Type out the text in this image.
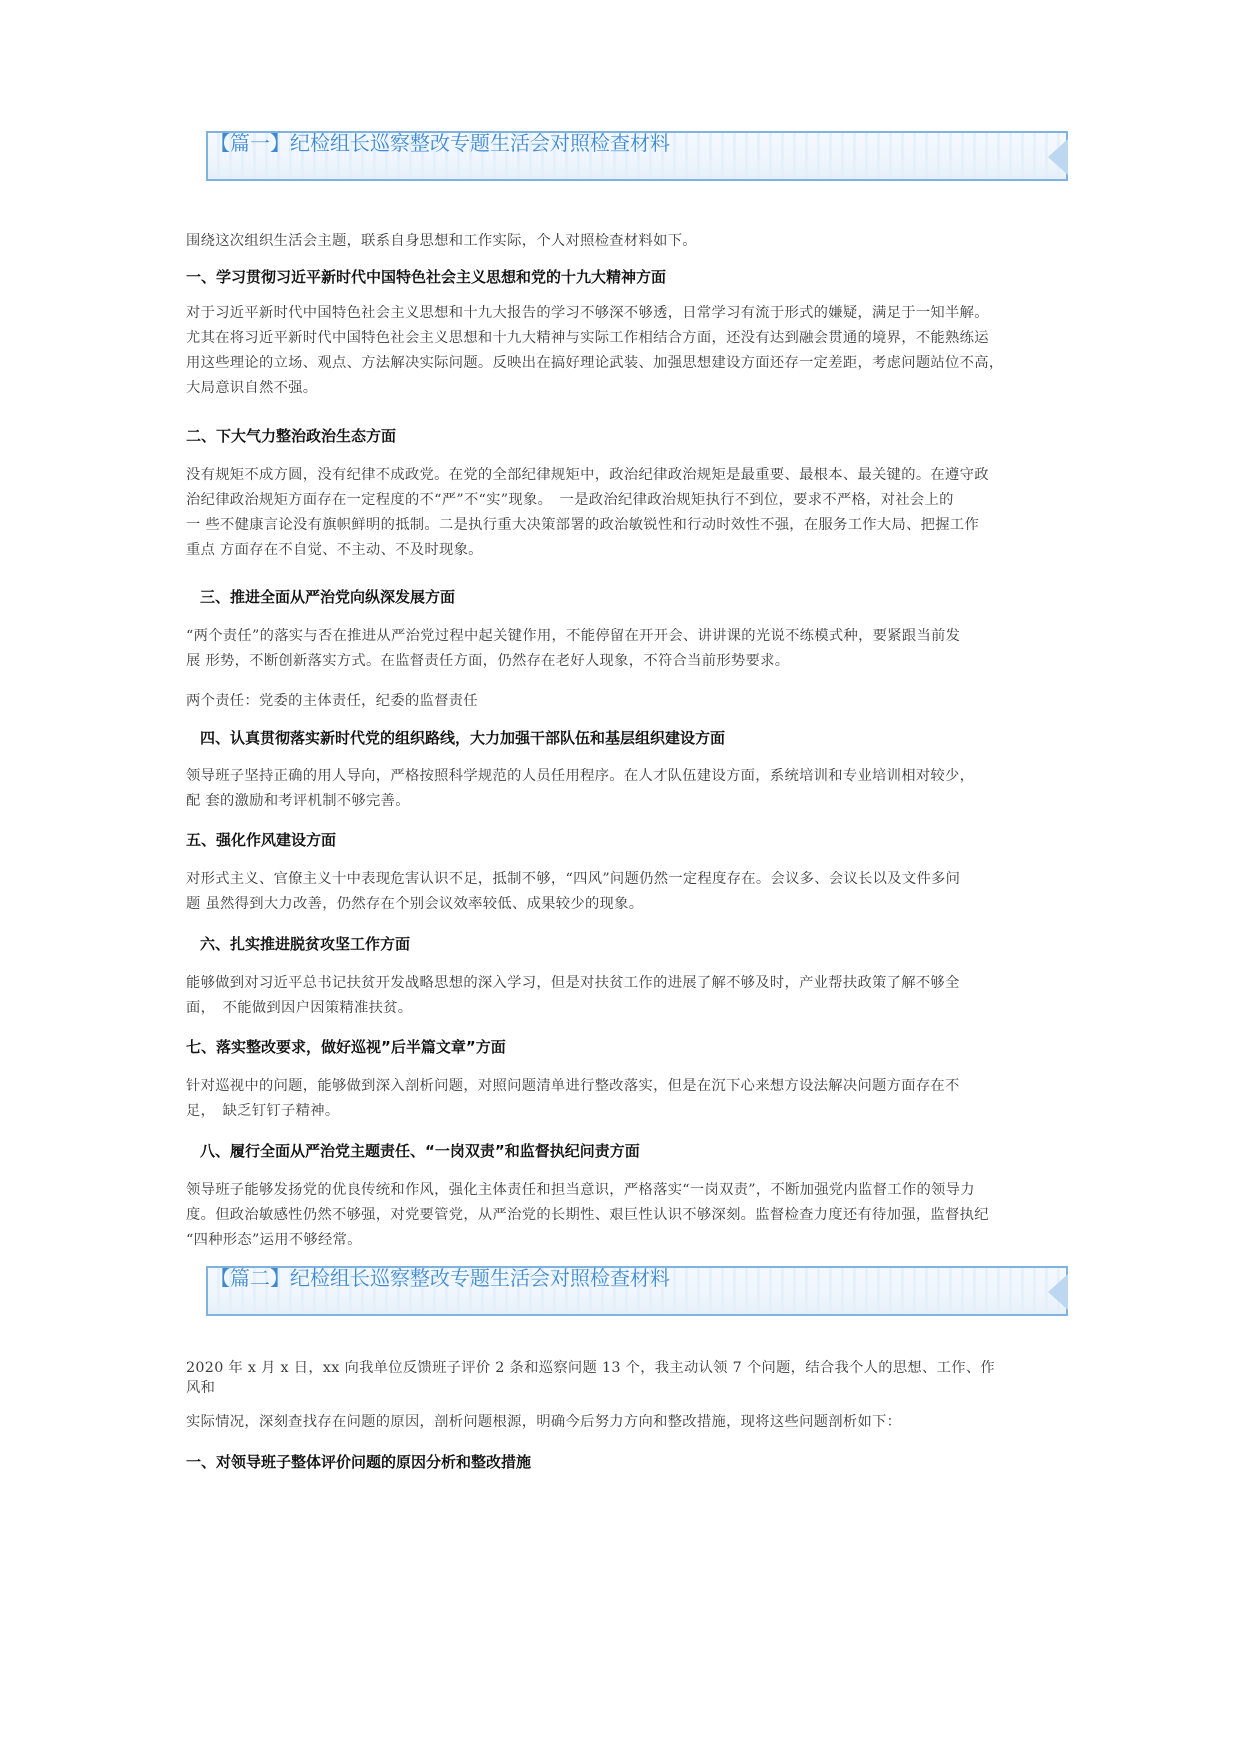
【篇一】纪检组长巡察整改专题生活会对照检查材料
围绕这次组织生活会主题，联系自身思想和工作实际，个人对照检查材料如下。
一、学习贯彻习近平新时代中国特色社会主义思想和党的十九大精神方面
对于习近平新时代中国特色社会主义思想和十九大报告的学习不够深不够透，日常学习有流于形式的嫌疑，满足于一知半解。
尤其在将习近平新时代中国特色社会主义思想和十九大精神与实际工作相结合方面，还没有达到融会贯通的境界，不能熟练运
用这些理论的立场、观点、方法解决实际问题。反映出在搞好理论武装、加强思想建设方面还存一定差距，考虑问题站位不高，
大局意识自然不强。
二、下大气力整治政治生态方面
没有规矩不成方圆，没有纪律不成政党。在党的全部纪律规矩中，政治纪律政治规矩是最重要、最根本、最关键的。在遵守政
治纪律政治规矩方面存在一定程度的不“严”不“实”现象。　一是政治纪律政治规矩执行不到位，要求不严格，对社会上的
一 些不健康言论没有旗帜鲜明的抵制。二是执行重大决策部署的政治敏锐性和行动时效性不强，在服务工作大局、把握工作
重点 方面存在不自觉、不主动、不及时现象。
三、推进全面从严治党向纵深发展方面
“两个责任”的落实与否在推进从严治党过程中起关键作用，不能停留在开开会、讲讲课的光说不练模式种，要紧跟当前发
展 形势，不断创新落实方式。在监督责任方面，仍然存在老好人现象，不符合当前形势要求。
两个责任：党委的主体责任，纪委的监督责任
四、认真贯彻落实新时代党的组织路线，大力加强干部队伍和基层组织建设方面
领导班子坚持正确的用人导向，严格按照科学规范的人员任用程序。在人才队伍建设方面，系统培训和专业培训相对较少，
配 套的激励和考评机制不够完善。
五、强化作风建设方面
对形式主义、官僚主义十中表现危害认识不足，抵制不够，“四风”问题仍然一定程度存在。会议多、会议长以及文件多问
题 虽然得到大力改善，仍然存在个别会议效率较低、成果较少的现象。
六、扎实推进脱贫攻坚工作方面
能够做到对习近平总书记扶贫开发战略思想的深入学习，但是对扶贫工作的进展了解不够及时，产业帮扶政策了解不够全
面，　不能做到因户因策精准扶贫。
七、落实整改要求，做好巡视”后半篇文章”方面
针对巡视中的问题，能够做到深入剖析问题，对照问题清单进行整改落实，但是在沉下心来想方设法解决问题方面存在不
足，　缺乏钉钉子精神。
八、履行全面从严治党主题责任、“一岗双责”和监督执纪问责方面
领导班子能够发扬党的优良传统和作风，强化主体责任和担当意识，严格落实“一岗双责”，不断加强党内监督工作的领导力
度。但政治敏感性仍然不够强，对党要管党，从严治党的长期性、艰巨性认识不够深刻。监督检查力度还有待加强，监督执纪
“四种形态”运用不够经常。
【篇二】纪检组长巡察整改专题生活会对照检查材料
2020 年 x 月 x 日，xx 向我单位反馈班子评价 2 条和巡察问题 13 个，我主动认领 7 个问题，结合我个人的思想、工作、作
风和
实际情况，深刻查找存在问题的原因，剖析问题根源，明确今后努力方向和整改措施，现将这些问题剖析如下：
一、对领导班子整体评价问题的原因分析和整改措施
